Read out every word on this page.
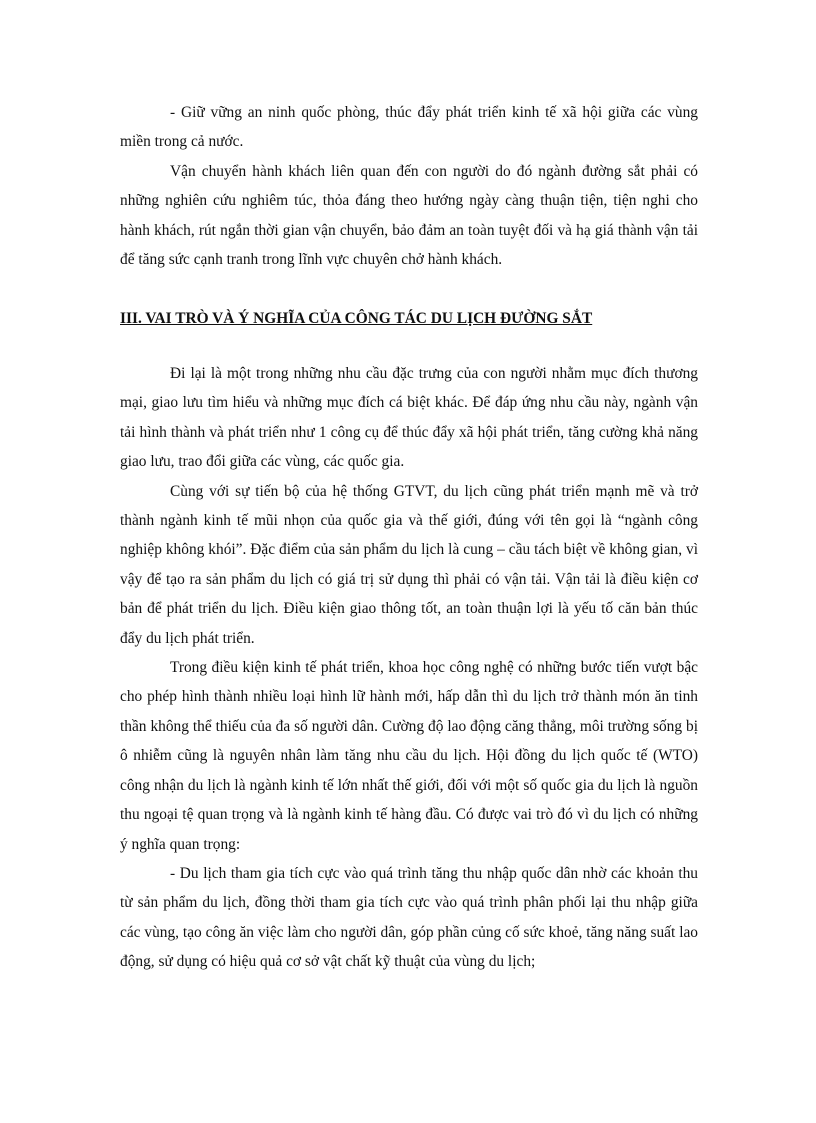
- Giữ vững an ninh quốc phòng, thúc đẩy phát triển kinh tế xã hội giữa các vùng miền trong cả nước.

Vận chuyển hành khách liên quan đến con người do đó ngành đường sắt phải có những nghiên cứu nghiêm túc, thỏa đáng theo hướng ngày càng thuận tiện, tiện nghi cho hành khách, rút ngắn thời gian vận chuyển, bảo đảm an toàn tuyệt đối và hạ giá thành vận tải để tăng sức cạnh tranh trong lĩnh vực chuyên chở hành khách.

III. VAI TRÒ VÀ Ý NGHĨA CỦA CÔNG TÁC DU LỊCH ĐƯỜNG SẮT

Đi lại là một trong những nhu cầu đặc trưng của con người nhằm mục đích thương mại, giao lưu tìm hiểu và những mục đích cá biệt khác. Để đáp ứng nhu cầu này, ngành vận tải hình thành và phát triển như 1 công cụ để thúc đẩy xã hội phát triển, tăng cường khả năng giao lưu, trao đổi giữa các vùng, các quốc gia.

Cùng với sự tiến bộ của hệ thống GTVT, du lịch cũng phát triển mạnh mẽ và trở thành ngành kinh tế mũi nhọn của quốc gia và thế giới, đúng với tên gọi là “ngành công nghiệp không khói”. Đặc điểm của sản phẩm du lịch là cung – cầu tách biệt về không gian, vì vậy để tạo ra sản phẩm du lịch có giá trị sử dụng thì phải có vận tải. Vận tải là điều kiện cơ bản để phát triển du lịch. Điều kiện giao thông tốt, an toàn thuận lợi là yếu tố căn bản thúc đẩy du lịch phát triển.

Trong điều kiện kinh tế phát triển, khoa học công nghệ có những bước tiến vượt bậc cho phép hình thành nhiều loại hình lữ hành mới, hấp dẫn thì du lịch trở thành món ăn tinh thần không thể thiếu của đa số người dân. Cường độ lao động căng thẳng, môi trường sống bị ô nhiễm cũng là nguyên nhân làm tăng nhu cầu du lịch. Hội đồng du lịch quốc tế (WTO) công nhận du lịch là ngành kinh tế lớn nhất thế giới, đối với một số quốc gia du lịch là nguồn thu ngoại tệ quan trọng và là ngành kinh tế hàng đầu. Có được vai trò đó vì du lịch có những ý nghĩa quan trọng:

- Du lịch tham gia tích cực vào quá trình tăng thu nhập quốc dân nhờ các khoản thu từ sản phẩm du lịch, đồng thời tham gia tích cực vào quá trình phân phối lại thu nhập giữa các vùng, tạo công ăn việc làm cho người dân, góp phần củng cố sức khoẻ, tăng năng suất lao động, sử dụng có hiệu quả cơ sở vật chất kỹ thuật của vùng du lịch;
